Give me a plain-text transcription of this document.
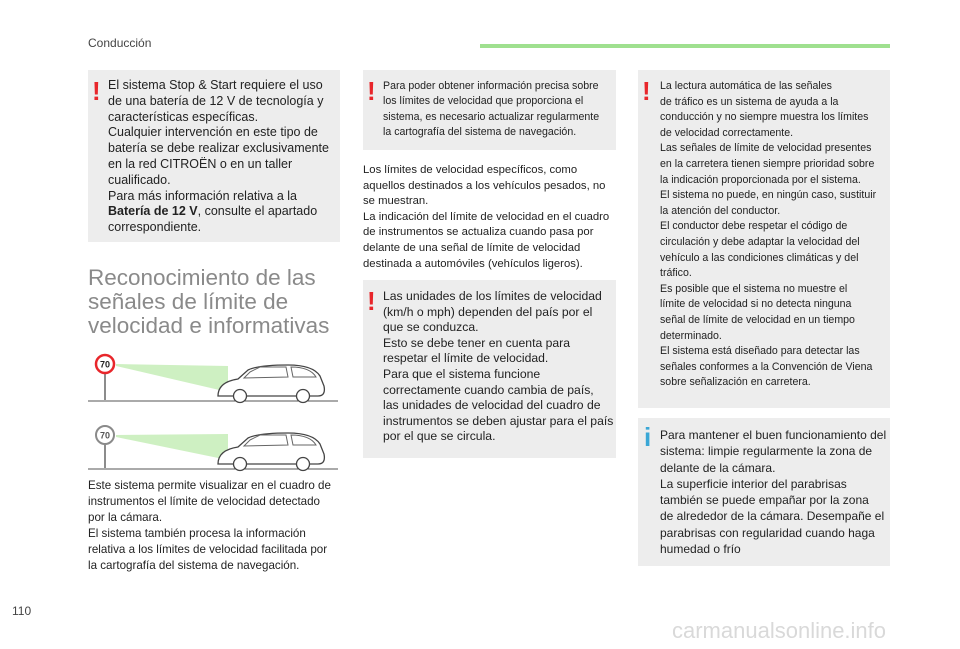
Conducción
! El sistema Stop & Start requiere el uso
de una batería de 12 V de tecnología y
características específicas.
Cualquier intervención en este tipo de
batería se debe realizar exclusivamente
en la red CITROËN o en un taller
cualificado.
Para más información relativa a la
Batería de 12 V, consulte el apartado
correspondiente.
Reconocimiento de las
señales de límite de
velocidad e informativas
70
70
Este sistema permite visualizar en el cuadro de
instrumentos el límite de velocidad detectado
por la cámara.
El sistema también procesa la información
relativa a los límites de velocidad facilitada por
la cartografía del sistema de navegación.
! Para poder obtener información precisa sobre
los límites de velocidad que proporciona el
sistema, es necesario actualizar regularmente
la cartografía del sistema de navegación.
Los límites de velocidad específicos, como
aquellos destinados a los vehículos pesados, no
se muestran.
La indicación del límite de velocidad en el cuadro
de instrumentos se actualiza cuando pasa por
delante de una señal de límite de velocidad
destinada a automóviles (vehículos ligeros).
! Las unidades de los límites de velocidad
(km/h o mph) dependen del país por el
que se conduzca.
Esto se debe tener en cuenta para
respetar el límite de velocidad.
Para que el sistema funcione
correctamente cuando cambia de país,
las unidades de velocidad del cuadro de
instrumentos se deben ajustar para el país
por el que se circula.
! La lectura automática de las señales
de tráfico es un sistema de ayuda a la
conducción y no siempre muestra los límites
de velocidad correctamente.
Las señales de límite de velocidad presentes
en la carretera tienen siempre prioridad sobre
la indicación proporcionada por el sistema.
El sistema no puede, en ningún caso, sustituir
la atención del conductor.
El conductor debe respetar el código de
circulación y debe adaptar la velocidad del
vehículo a las condiciones climáticas y del
tráfico.
Es posible que el sistema no muestre el
límite de velocidad si no detecta ninguna
señal de límite de velocidad en un tiempo
determinado.
El sistema está diseñado para detectar las
señales conformes a la Convención de Viena
sobre señalización en carretera.
i Para mantener el buen funcionamiento del
sistema: limpie regularmente la zona de
delante de la cámara.
La superficie interior del parabrisas
también se puede empañar por la zona
de alrededor de la cámara. Desempañe el
parabrisas con regularidad cuando haga
humedad o frío
110
carmanualsonline.info
